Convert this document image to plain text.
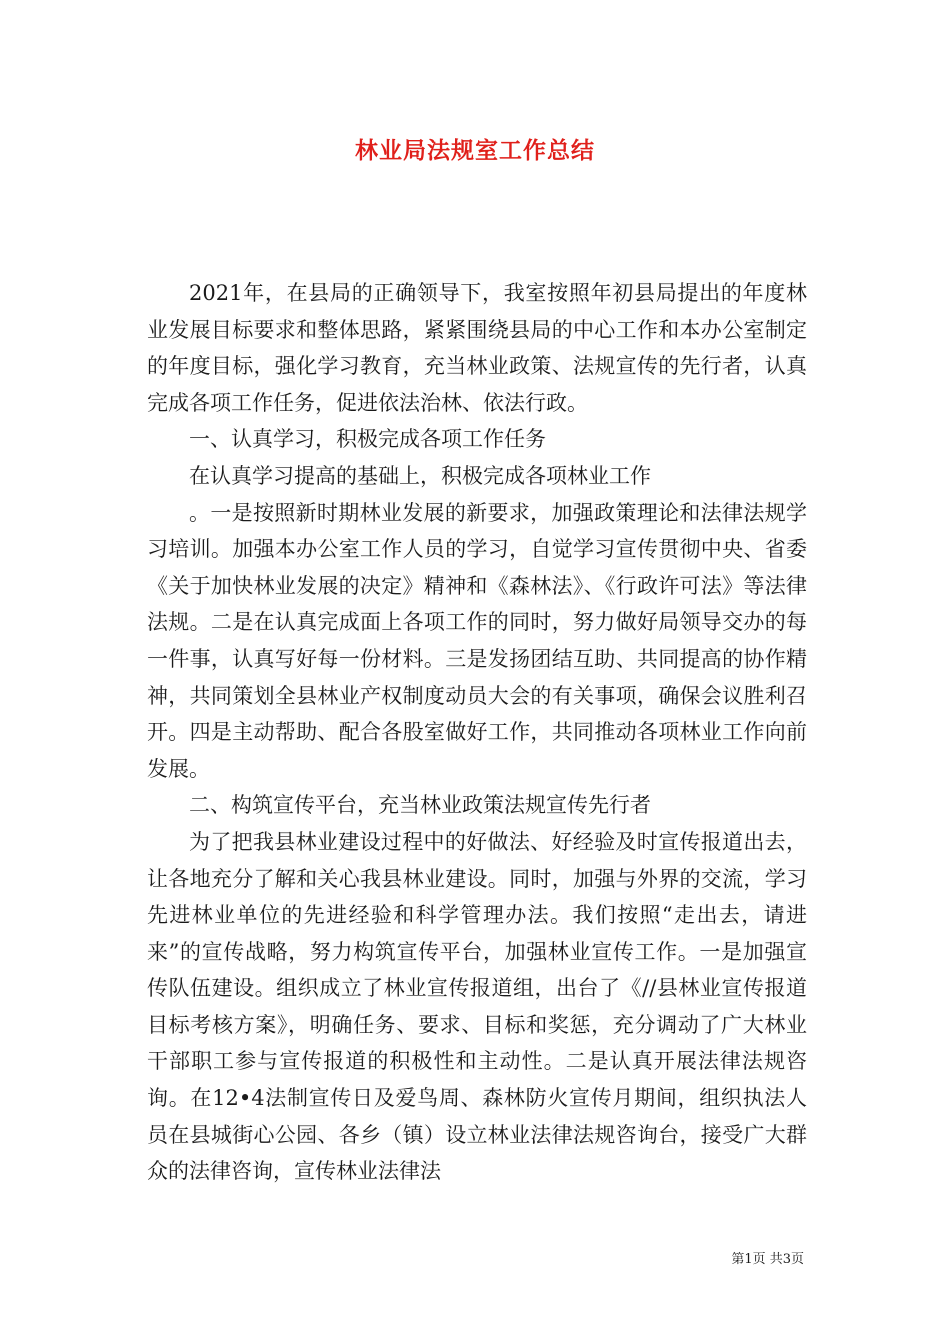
林业局法规室工作总结

2021年，在县局的正确领导下，我室按照年初县局提出的年度林业发展目标要求和整体思路，紧紧围绕县局的中心工作和本办公室制定的年度目标，强化学习教育，充当林业政策、法规宣传的先行者，认真完成各项工作任务，促进依法治林、依法行政。

一、认真学习，积极完成各项工作任务

在认真学习提高的基础上，积极完成各项林业工作

。一是按照新时期林业发展的新要求，加强政策理论和法律法规学习培训。加强本办公室工作人员的学习，自觉学习宣传贯彻中央、省委《关于加快林业发展的决定》精神和《森林法》、《行政许可法》等法律法规。二是在认真完成面上各项工作的同时，努力做好局领导交办的每一件事，认真写好每一份材料。三是发扬团结互助、共同提高的协作精神，共同策划全县林业产权制度动员大会的有关事项，确保会议胜利召开。四是主动帮助、配合各股室做好工作，共同推动各项林业工作向前发展。

二、构筑宣传平台，充当林业政策法规宣传先行者

为了把我县林业建设过程中的好做法、好经验及时宣传报道出去，让各地充分了解和关心我县林业建设。同时，加强与外界的交流，学习先进林业单位的先进经验和科学管理办法。我们按照“走出去，请进来”的宣传战略，努力构筑宣传平台，加强林业宣传工作。一是加强宣传队伍建设。组织成立了林业宣传报道组，出台了《//县林业宣传报道目标考核方案》，明确任务、要求、目标和奖惩，充分调动了广大林业干部职工参与宣传报道的积极性和主动性。二是认真开展法律法规咨询。在12•4法制宣传日及爱鸟周、森林防火宣传月期间，组织执法人员在县城街心公园、各乡（镇）设立林业法律法规咨询台，接受广大群众的法律咨询，宣传林业法律法

第1页 共3页
